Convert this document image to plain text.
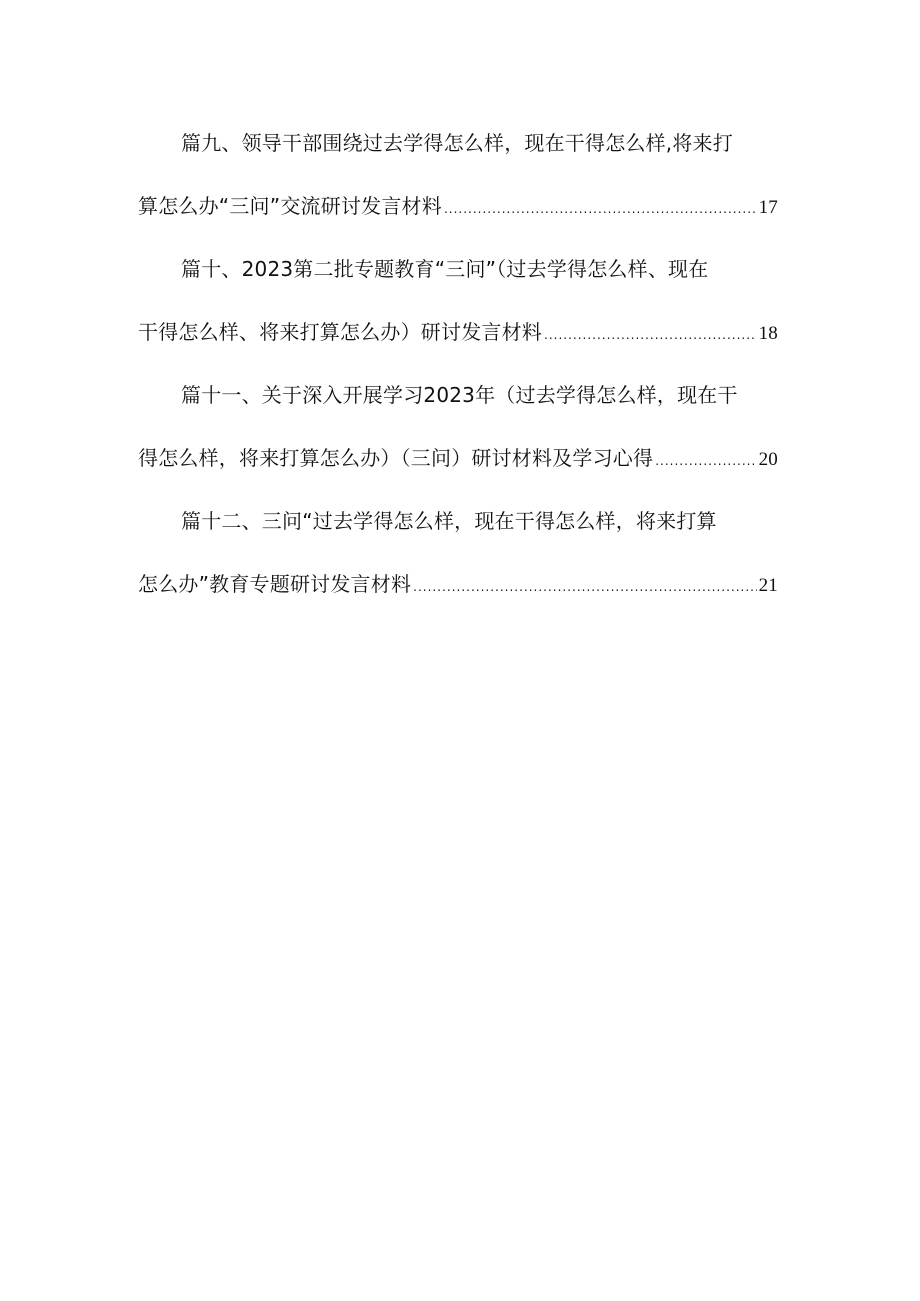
篇九、领导干部围绕过去学得怎么样，现在干得怎么样,将来打
算怎么办“三问”交流研讨发言材料 .....	17
篇十、2023第二批专题教育“三问”（过去学得怎么样、现在
干得怎么样、将来打算怎么办）研讨发言材料 .....	18
篇十一、关于深入开展学习2023年（过去学得怎么样，现在干
得怎么样，将来打算怎么办）（三问）研讨材料及学习心得 .....	20
篇十二、三问“过去学得怎么样，现在干得怎么样，将来打算
怎么办”教育专题研讨发言材料 .....	21
